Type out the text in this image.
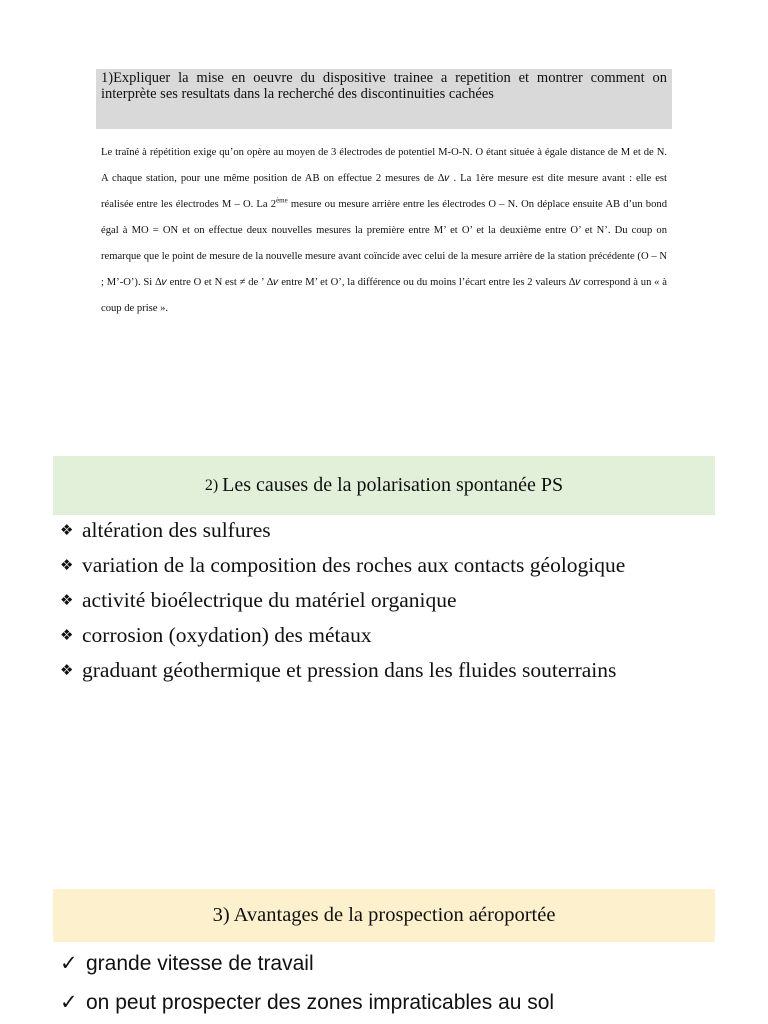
1)Expliquer la mise en oeuvre du dispositive trainee a repetition et montrer comment on interprète ses resultats dans la recherché des discontinuities cachées

Le traîné à répétition exige qu’on opère au moyen de 3 électrodes de potentiel M-O-N. O étant située à égale distance de M et de N. A chaque station, pour une même position de AB on effectue 2 mesures de Δ𝑣 . La 1ère mesure est dite mesure avant : elle est réalisée entre les électrodes M – O. La 2ème mesure ou mesure arrière entre les électrodes O – N. On déplace ensuite AB d’un bond égal à MO = ON et on effectue deux nouvelles mesures la première entre M’ et O’ et la deuxième entre O’ et N’. Du coup on remarque que le point de mesure de la nouvelle mesure avant coïncide avec celui de la mesure arrière de la station précédente (O – N ; M’-O’). Si Δ𝑣 entre O et N est ≠ de ’ Δ𝑣 entre M’ et O’, la différence ou du moins l’écart entre les 2 valeurs Δ𝑣 correspond à un « à coup de prise ».

2) Les causes de la polarisation spontanée PS
❖ altération des sulfures
❖ variation de la composition des roches aux contacts géologique
❖ activité bioélectrique du matériel organique
❖ corrosion (oxydation) des métaux
❖ graduant géothermique et pression dans les fluides souterrains
3) Avantages de la prospection aéroportée
✓ grande vitesse de travail
✓ on peut prospecter des zones impraticables au sol
